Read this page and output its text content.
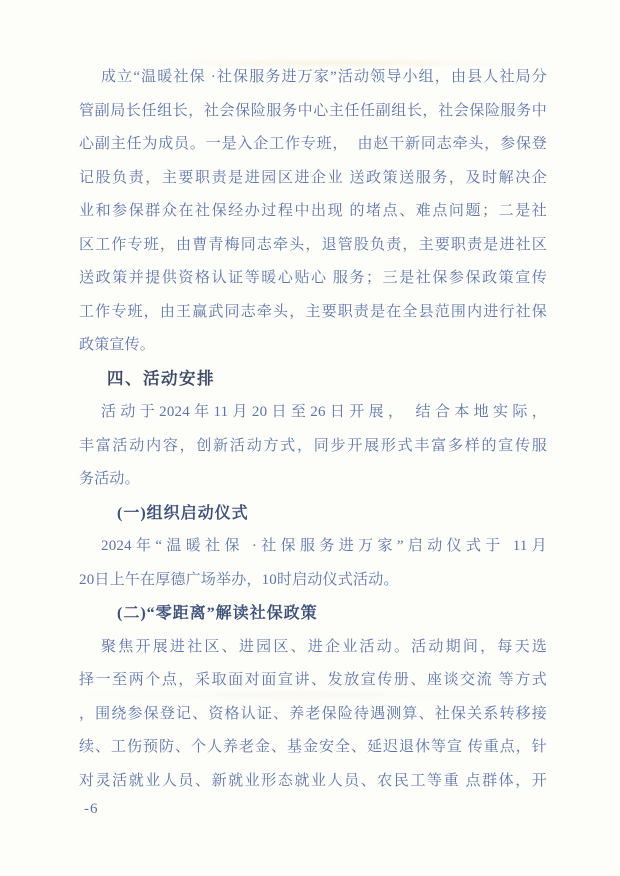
成立“温暖社保 ·社保服务进万家”活动领导小组，由县人社局分
管副局长任组长，社会保险服务中心主任任副组长，社会保险服务中
心副主任为成员。一是入企工作专班，  由赵干新同志牵头，参保登
记股负责，主要职责是进园区进企业 送政策送服务，及时解决企
业和参保群众在社保经办过程中出现 的堵点、难点问题；二是社
区工作专班，由曹青梅同志牵头，退管股负责，主要职责是进社区
送政策并提供资格认证等暖心贴心 服务；三是社保参保政策宣传
工作专班，由王赢武同志牵头，主要职责是在全县范围内进行社保
政策宣传。
四、活动安排
活动于2024年11月20日至26日开展， 结合本地实际，
丰富活动内容，创新活动方式，同步开展形式丰富多样的宣传服
务活动。
(一)组织启动仪式
2024年“温暖社保 ·社保服务进万家”启动仪式于 11月
20日上午在厚德广场举办，10时启动仪式活动。
(二)“零距离”解读社保政策
聚焦开展进社区、进园区、进企业活动。活动期间，每天选
择一至两个点，采取面对面宣讲、发放宣传册、座谈交流 等方式
，围绕参保登记、资格认证、养老保险待遇测算、社保关系转移接
续、工伤预防、个人养老金、基金安全、延迟退休等宣 传重点，针
对灵活就业人员、新就业形态就业人员、农民工等重 点群体，开
-6
